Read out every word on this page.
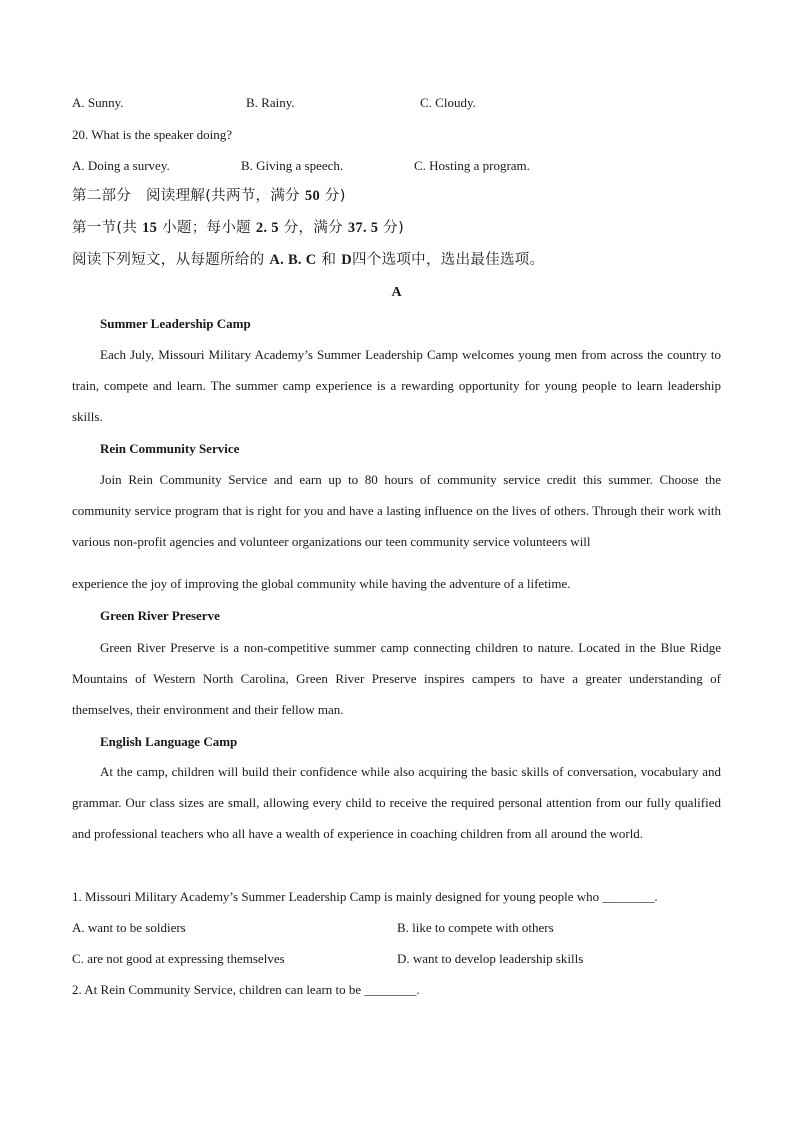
A. Sunny.	B. Rainy.	C. Cloudy.
20. What is the speaker doing?
A. Doing a survey.	B. Giving a speech.	C. Hosting a program.
第二部分　阅读理解(共两节，满分 50 分)
第一节(共 15 小题；每小题 2. 5 分，满分 37. 5 分)
阅读下列短文，从每题所给的 A. B. C 和 D四个选项中，选出最佳选项。
A
Summer Leadership Camp
Each July, Missouri Military Academy’s Summer Leadership Camp welcomes young men from across the country to train, compete and learn. The summer camp experience is a rewarding opportunity for young people to learn leadership skills.
Rein Community Service
Join Rein Community Service and earn up to 80 hours of community service credit this summer. Choose the community service program that is right for you and have a lasting influence on the lives of others. Through their work with various non-profit agencies and volunteer organizations our teen community service volunteers will
experience the joy of improving the global community while having the adventure of a lifetime.
Green River Preserve
Green River Preserve is a non-competitive summer camp connecting children to nature. Located in the Blue Ridge Mountains of Western North Carolina, Green River Preserve inspires campers to have a greater understanding of themselves, their environment and their fellow man.
English Language Camp
At the camp, children will build their confidence while also acquiring the basic skills of conversation, vocabulary and grammar. Our class sizes are small, allowing every child to receive the required personal attention from our fully qualified and professional teachers who all have a wealth of experience in coaching children from all around the world.
1. Missouri Military Academy’s Summer Leadership Camp is mainly designed for young people who ________.
A. want to be soldiers	B. like to compete with others
C. are not good at expressing themselves	D. want to develop leadership skills
2. At Rein Community Service, children can learn to be ________.
